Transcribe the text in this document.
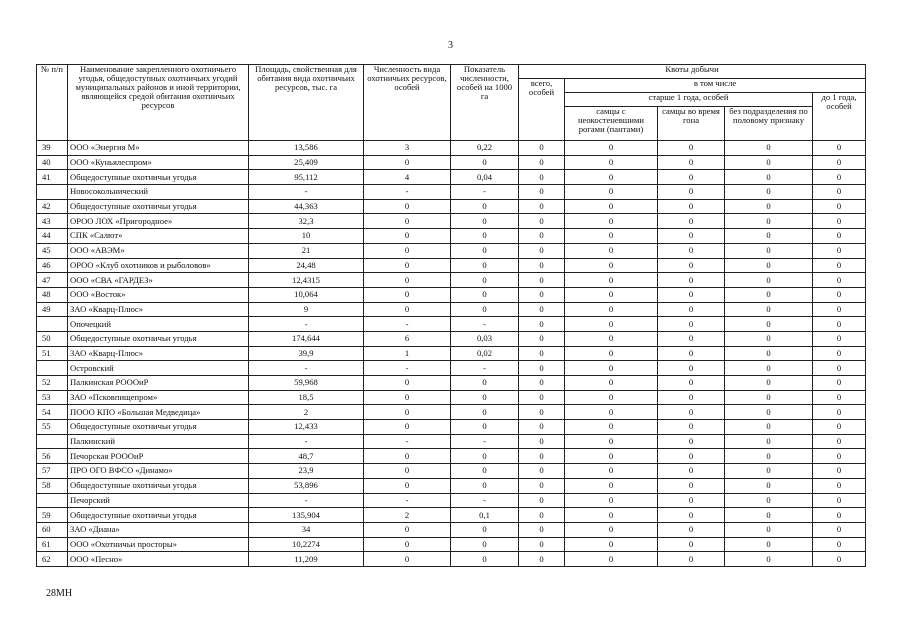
3
№ п/п	Наименование закрепленного охотничьего угодья, общедоступных охотничьих угодий муниципальных районов и иной территории, являющейся средой обитания охотничьих ресурсов	Площадь, свойственная для обитания вида охотничьих ресурсов, тыс. га	Численность вида охотничьих ресурсов, особей	Показатель численности, особей на 1000 га	Квоты добычи				
					всего, особей	в том числе			
						старше 1 года, особей			до 1 года, особей
						самцы с неокостеневшими рогами (пантами)	самцы во время гона	без подразделения по половому признаку	
39	ООО «Энергия М»	13,586	3	0,22	0	0	0	0	0
40	ООО «Куньялеспром»	25,409	0	0	0	0	0	0	0
41	Общедоступные охотничьи угодья	95,112	4	0,04	0	0	0	0	0
	Новосокольнический	-	-	-	0	0	0	0	0
42	Общедоступные охотничьи угодья	44,363	0	0	0	0	0	0	0
43	ОРОО ЛОХ «Пригородное»	32,3	0	0	0	0	0	0	0
44	СПК «Салют»	10	0	0	0	0	0	0	0
45	ООО «АВЭМ»	21	0	0	0	0	0	0	0
46	ОРОО «Клуб охотников и рыболовов»	24,48	0	0	0	0	0	0	0
47	ООО «СВА «ГАРДЕЗ»	12,4315	0	0	0	0	0	0	0
48	ООО «Восток»	10,064	0	0	0	0	0	0	0
49	ЗАО «Кварц-Плюс»	9	0	0	0	0	0	0	0
	Опочецкий	-	-	-	0	0	0	0	0
50	Общедоступные охотничьи угодья	174,644	6	0,03	0	0	0	0	0
51	ЗАО «Кварц-Плюс»	39,9	1	0,02	0	0	0	0	0
	Островский	-	-	-	0	0	0	0	0
52	Палкинская РОООиР	59,968	0	0	0	0	0	0	0
53	ЗАО «Псковпищепром»	18,5	0	0	0	0	0	0	0
54	ПООО КПО «Большая Медведица»	2	0	0	0	0	0	0	0
55	Общедоступные охотничьи угодья	12,433	0	0	0	0	0	0	0
	Палкинский	-	-	-	0	0	0	0	0
56	Печорская РОООиР	48,7	0	0	0	0	0	0	0
57	ПРО ОГО ВФСО «Динамо»	23,9	0	0	0	0	0	0	0
58	Общедоступные охотничьи угодья	53,896	0	0	0	0	0	0	0
	Печорский	-	-	-	0	0	0	0	0
59	Общедоступные охотничьи угодья	135,904	2	0,1	0	0	0	0	0
60	ЗАО «Диана»	34	0	0	0	0	0	0	0
61	ООО «Охотничьи просторы»	10,2274	0	0	0	0	0	0	0
62	ООО «Песно»	11,209	0	0	0	0	0	0	0
28МН
